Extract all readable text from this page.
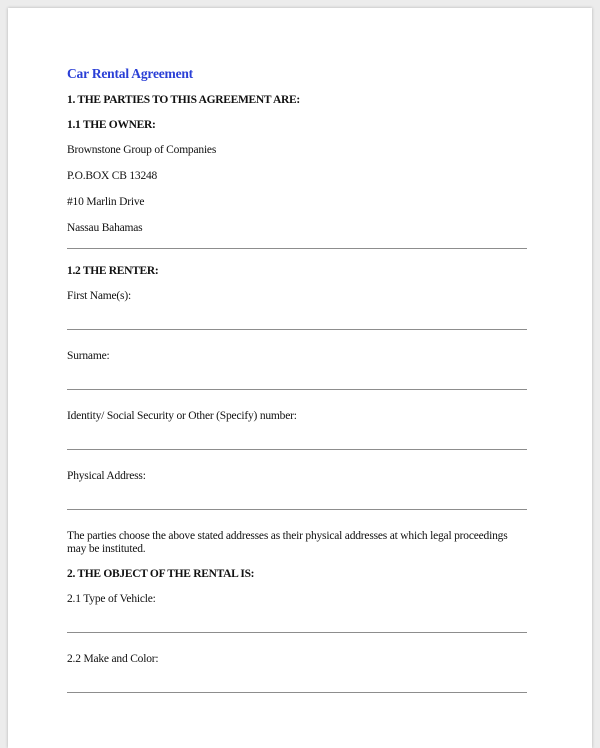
Car Rental Agreement
1. THE PARTIES TO THIS AGREEMENT ARE:
1.1 THE OWNER:
Brownstone Group of Companies
P.O.BOX CB 13248
#10 Marlin Drive
Nassau Bahamas
1.2 THE RENTER:
First Name(s):
Surname:
Identity/ Social Security or Other (Specify) number:
Physical Address:
The parties choose the above stated addresses as their physical addresses at which legal proceedings may be instituted.
2. THE OBJECT OF THE RENTAL IS:
2.1 Type of Vehicle:
2.2 Make and Color:
